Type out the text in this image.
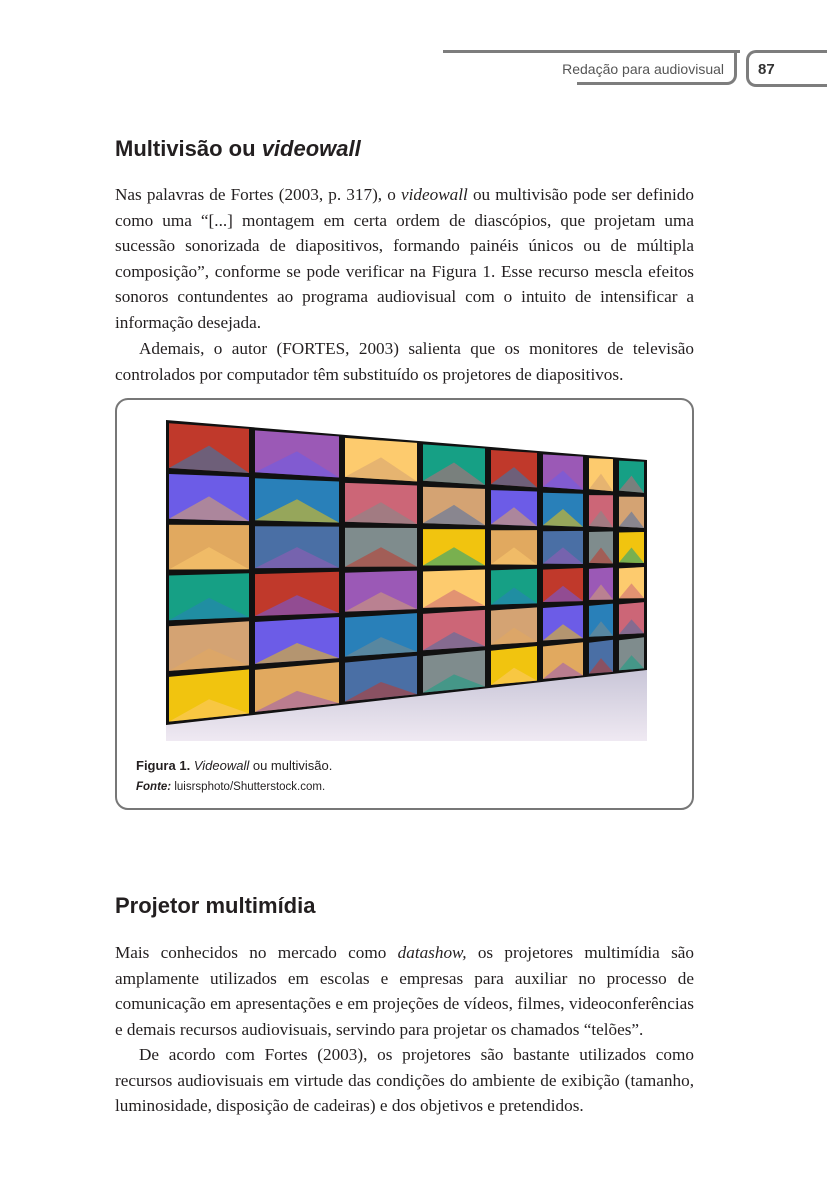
Redação para audiovisual 87
Multivisão ou videowall

Nas palavras de Fortes (2003, p. 317), o videowall ou multivisão pode ser definido como uma “[...] montagem em certa ordem de diascópios, que projetam uma sucessão sonorizada de diapositivos, formando painéis únicos ou de múltipla composição”, conforme se pode verificar na Figura 1. Esse recurso mescla efeitos sonoros contundentes ao programa audiovisual com o intuito de intensificar a informação desejada.

Ademais, o autor (FORTES, 2003) salienta que os monitores de televisão controlados por computador têm substituído os projetores de diapositivos.

Figura 1. Videowall ou multivisão.
Fonte: luisrsphoto/Shutterstock.com.
Projetor multimídia

Mais conhecidos no mercado como datashow, os projetores multimídia são amplamente utilizados em escolas e empresas para auxiliar no processo de comunicação em apresentações e em projeções de vídeos, filmes, videoconferências e demais recursos audiovisuais, servindo para projetar os chamados “telões”.

De acordo com Fortes (2003), os projetores são bastante utilizados como recursos audiovisuais em virtude das condições do ambiente de exibição (tamanho, luminosidade, disposição de cadeiras) e dos objetivos e pretendidos.
